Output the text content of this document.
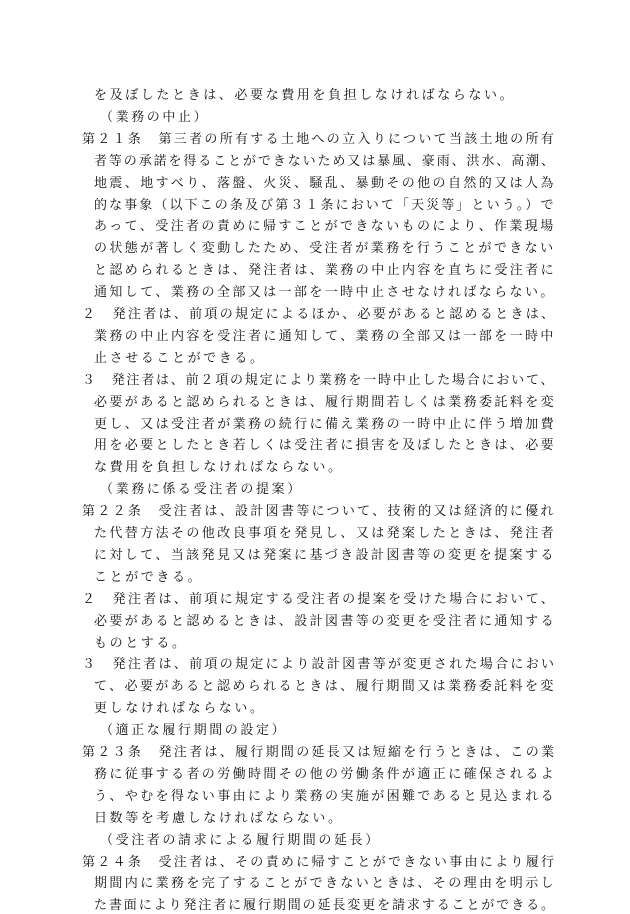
を及ぼしたときは、必要な費用を負担しなければならない。
（業務の中止）
第２１条　第三者の所有する土地への立入りについて当該土地の所有
者等の承諾を得ることができないため又は暴風、豪雨、洪水、高潮、
地震、地すべり、落盤、火災、騒乱、暴動その他の自然的又は人為
的な事象（以下この条及び第３１条において「天災等」という。）で
あって、受注者の責めに帰すことができないものにより、作業現場
の状態が著しく変動したため、受注者が業務を行うことができない
と認められるときは、発注者は、業務の中止内容を直ちに受注者に
通知して、業務の全部又は一部を一時中止させなければならない。
２　発注者は、前項の規定によるほか、必要があると認めるときは、
業務の中止内容を受注者に通知して、業務の全部又は一部を一時中
止させることができる。
３　発注者は、前２項の規定により業務を一時中止した場合において、
必要があると認められるときは、履行期間若しくは業務委託料を変
更し、又は受注者が業務の続行に備え業務の一時中止に伴う増加費
用を必要としたとき若しくは受注者に損害を及ぼしたときは、必要
な費用を負担しなければならない。
（業務に係る受注者の提案）
第２２条　受注者は、設計図書等について、技術的又は経済的に優れ
た代替方法その他改良事項を発見し、又は発案したときは、発注者
に対して、当該発見又は発案に基づき設計図書等の変更を提案する
ことができる。
２　発注者は、前項に規定する受注者の提案を受けた場合において、
必要があると認めるときは、設計図書等の変更を受注者に通知する
ものとする。
３　発注者は、前項の規定により設計図書等が変更された場合におい
て、必要があると認められるときは、履行期間又は業務委託料を変
更しなければならない。
（適正な履行期間の設定）
第２３条　発注者は、履行期間の延長又は短縮を行うときは、この業
務に従事する者の労働時間その他の労働条件が適正に確保されるよ
う、やむを得ない事由により業務の実施が困難であると見込まれる
日数等を考慮しなければならない。
（受注者の請求による履行期間の延長）
第２４条　受注者は、その責めに帰すことができない事由により履行
期間内に業務を完了することができないときは、その理由を明示し
た書面により発注者に履行期間の延長変更を請求することができる。
